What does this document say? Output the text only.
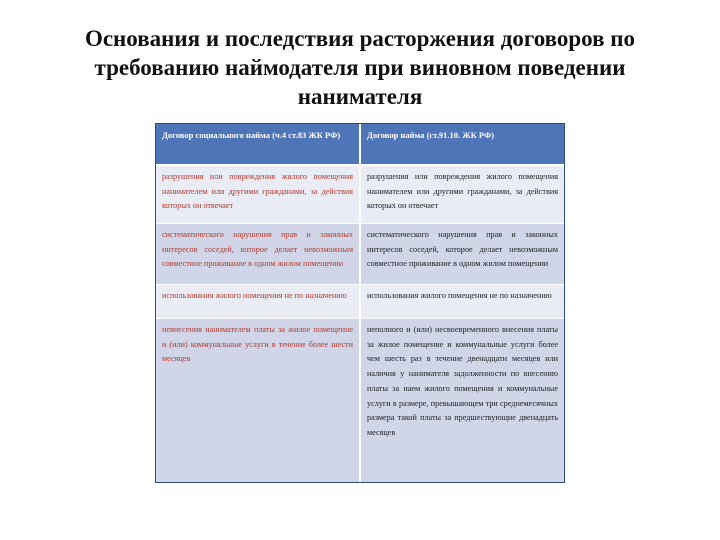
Основания и последствия расторжения договоров по
требованию наймодателя при виновном поведении
нанимателя
Договор социального найма (ч.4 ст.83 ЖК РФ)	Договор найма (ст.91.10. ЖК РФ)
разрушения или повреждения жилого помещения нанимателем или другими гражданами, за действия которых он отвечает
разрушения или повреждения жилого помещения нанимателем или другими гражданами, за действия которых он отвечает
систематического нарушения прав и законных интересов соседей, которое делает невозможным совместное проживание в одном жилом помещении
систематического нарушения прав и законных интересов соседей, которое делает невозможным совместное проживание в одном жилом помещении
использования жилого помещения не по назначению	использования жилого помещения не по назначению
невнесения нанимателем платы за жилое помещение и (или) коммунальные услуги в течение более шести месяцев
неполного и (или) несвоевременного внесения платы за жилое помещение и коммунальные услуги более чем шесть раз в течение двенадцати месяцев или наличия у нанимателя задолженности по внесению платы за наем жилого помещения и коммунальные услуги в размере, превышающем три среднемесячных размера такой платы за предшествующие двенадцать месяцев
